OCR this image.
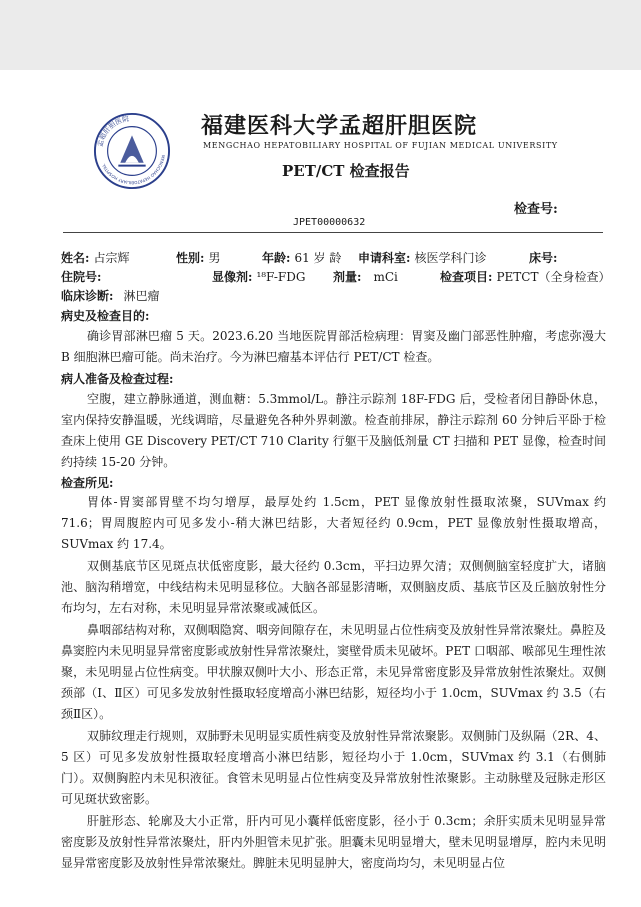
孟超肝胆医院
MENGCHAO HEPATOBILIARY HOSPITAL
福建医科大学孟超肝胆医院
MENGCHAO HEPATOBILIARY HOSPITAL OF FUJIAN MEDICAL UNIVERSITY
PET/CT 检查报告
检查号:
JPET00000632
姓名: 占宗辉	性别: 男	年龄: 61 岁 龄 申请科室: 核医学科门诊	床号:
住院号:	显像剂: ¹⁸F-FDG 剂量: mCi	检查项目: PETCT（全身检查）
临床诊断: 淋巴瘤
病史及检查目的:
确诊胃部淋巴瘤 5 天。2023.6.20 当地医院胃部活检病理：胃窦及幽门部恶性肿瘤，考虑弥漫大 B 细胞淋巴瘤可能。尚未治疗。今为淋巴瘤基本评估行 PET/CT 检查。
病人准备及检查过程:
空腹，建立静脉通道，测血糖：5.3mmol/L。静注示踪剂 18F-FDG 后，受检者闭目静卧休息，室内保持安静温暖，光线调暗，尽量避免各种外界刺激。检查前排尿，静注示踪剂 60 分钟后平卧于检查床上使用 GE Discovery PET/CT 710 Clarity 行躯干及脑低剂量 CT 扫描和 PET 显像，检查时间约持续 15-20 分钟。
检查所见:
胃体-胃窦部胃壁不均匀增厚，最厚处约 1.5cm，PET 显像放射性摄取浓聚，SUVmax 约 71.6；胃周腹腔内可见多发小-稍大淋巴结影，大者短径约 0.9cm，PET 显像放射性摄取增高，SUVmax 约 17.4。
双侧基底节区见斑点状低密度影，最大径约 0.3cm，平扫边界欠清；双侧侧脑室轻度扩大，诸脑池、脑沟稍增宽，中线结构未见明显移位。大脑各部显影清晰，双侧脑皮质、基底节区及丘脑放射性分布均匀，左右对称，未见明显异常浓聚或减低区。
鼻咽部结构对称，双侧咽隐窝、咽旁间隙存在，未见明显占位性病变及放射性异常浓聚灶。鼻腔及鼻窦腔内未见明显异常密度影或放射性异常浓聚灶，窦壁骨质未见破坏。PET 口咽部、喉部见生理性浓聚，未见明显占位性病变。甲状腺双侧叶大小、形态正常，未见异常密度影及异常放射性浓聚灶。双侧颈部（Ⅰ、Ⅱ区）可见多发放射性摄取轻度增高小淋巴结影，短径均小于 1.0cm，SUVmax 约 3.5（右颈Ⅱ区）。
双肺纹理走行规则，双肺野未见明显实质性病变及放射性异常浓聚影。双侧肺门及纵隔（2R、4、5 区）可见多发放射性摄取轻度增高小淋巴结影，短径均小于 1.0cm，SUVmax 约 3.1（右侧肺门）。双侧胸腔内未见积液征。食管未见明显占位性病变及异常放射性浓聚影。主动脉壁及冠脉走形区可见斑状致密影。
肝脏形态、轮廓及大小正常，肝内可见小囊样低密度影，径小于 0.3cm；余肝实质未见明显异常密度影及放射性异常浓聚灶，肝内外胆管未见扩张。胆囊未见明显增大，壁未见明显增厚，腔内未见明显异常密度影及放射性异常浓聚灶。脾脏未见明显肿大，密度尚均匀，未见明显占位
